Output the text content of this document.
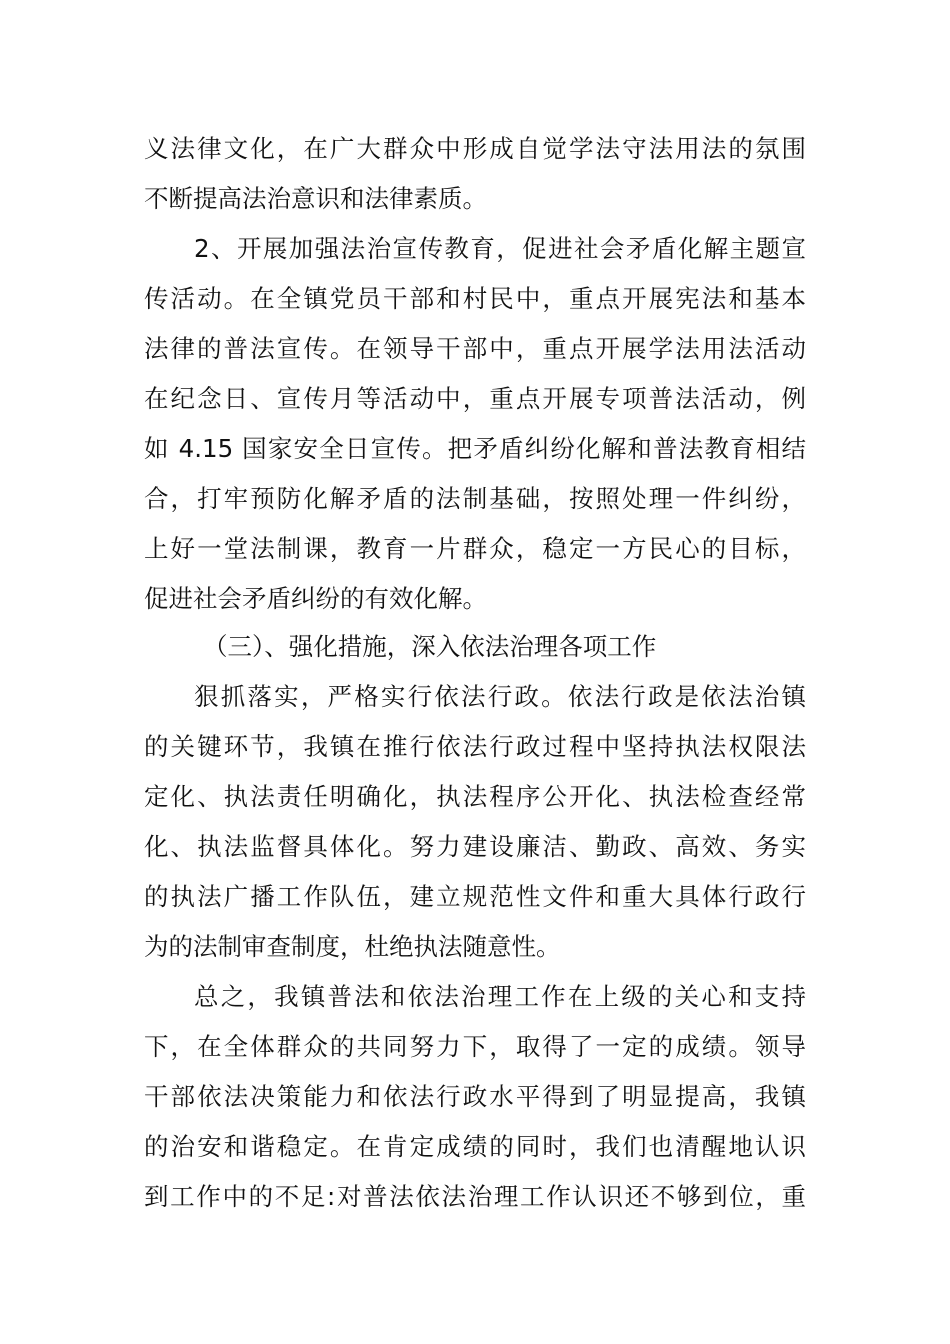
义法律文化，在广大群众中形成自觉学法守法用法的氛围
不断提高法治意识和法律素质。
2、开展加强法治宣传教育，促进社会矛盾化解主题宣
传活动。在全镇党员干部和村民中，重点开展宪法和基本
法律的普法宣传。在领导干部中，重点开展学法用法活动
在纪念日、宣传月等活动中，重点开展专项普法活动，例
如 4.15 国家安全日宣传。把矛盾纠纷化解和普法教育相结
合，打牢预防化解矛盾的法制基础，按照处理一件纠纷，
上好一堂法制课，教育一片群众，稳定一方民心的目标，
促进社会矛盾纠纷的有效化解。
（三）、强化措施，深入依法治理各项工作
狠抓落实，严格实行依法行政。依法行政是依法治镇
的关键环节，我镇在推行依法行政过程中坚持执法权限法
定化、执法责任明确化，执法程序公开化、执法检查经常
化、执法监督具体化。努力建设廉洁、勤政、高效、务实
的执法广播工作队伍，建立规范性文件和重大具体行政行
为的法制审查制度，杜绝执法随意性。
总之，我镇普法和依法治理工作在上级的关心和支持
下，在全体群众的共同努力下，取得了一定的成绩。领导
干部依法决策能力和依法行政水平得到了明显提高，我镇
的治安和谐稳定。在肯定成绩的同时，我们也清醒地认识
到工作中的不足:对普法依法治理工作认识还不够到位，重
